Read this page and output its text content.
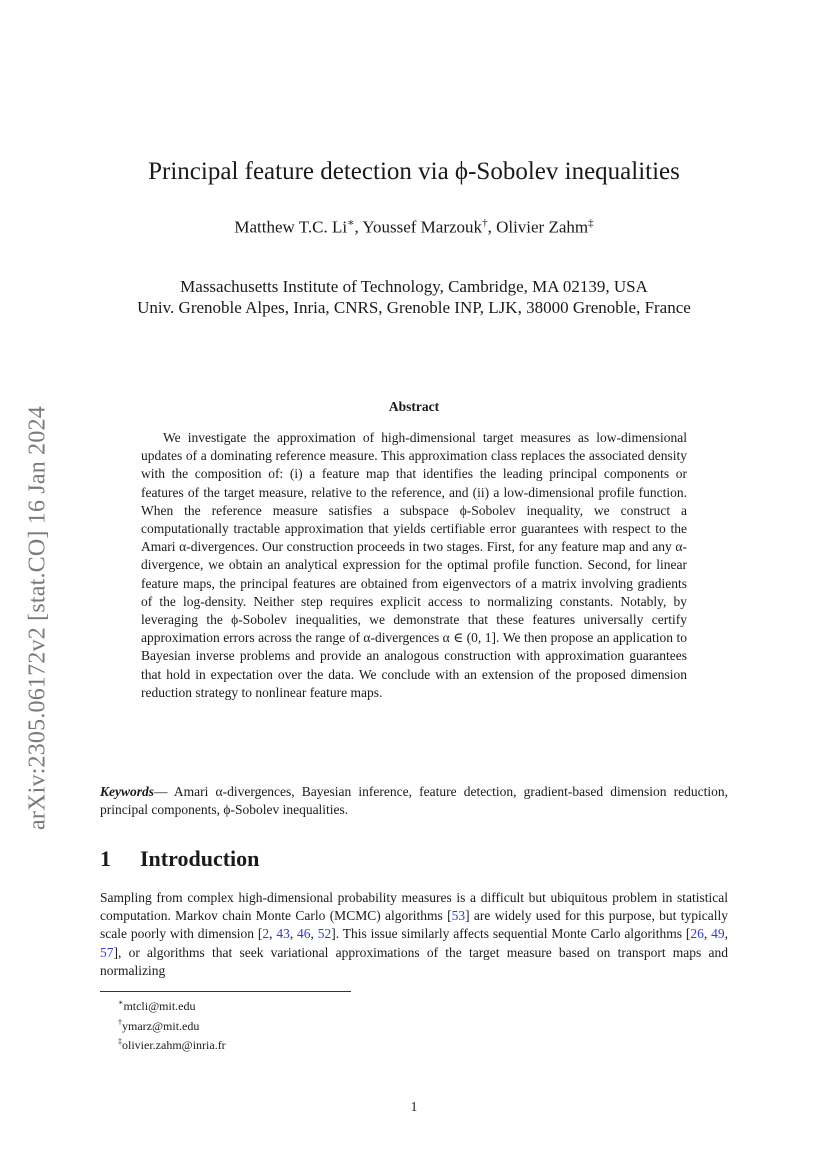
arXiv:2305.06172v2 [stat.CO] 16 Jan 2024
Principal feature detection via ϕ-Sobolev inequalities
Matthew T.C. Li∗, Youssef Marzouk†, Olivier Zahm‡
Massachusetts Institute of Technology, Cambridge, MA 02139, USA
Univ. Grenoble Alpes, Inria, CNRS, Grenoble INP, LJK, 38000 Grenoble, France
Abstract

We investigate the approximation of high-dimensional target measures as low-dimensional updates of a dominating reference measure. This approximation class replaces the associated density with the composition of: (i) a feature map that identifies the leading principal components or features of the target measure, relative to the reference, and (ii) a low-dimensional profile function. When the reference measure satisfies a subspace ϕ-Sobolev inequality, we construct a computationally tractable approximation that yields certifiable error guarantees with respect to the Amari α-divergences. Our construction proceeds in two stages. First, for any feature map and any α-divergence, we obtain an analytical expression for the optimal profile function. Second, for linear feature maps, the principal features are obtained from eigenvectors of a matrix involving gradients of the log-density. Neither step requires explicit access to normalizing constants. Notably, by leveraging the ϕ-Sobolev inequalities, we demonstrate that these features universally certify approximation errors across the range of α-divergences α ∈ (0, 1]. We then propose an application to Bayesian inverse problems and provide an analogous construction with approximation guarantees that hold in expectation over the data. We conclude with an extension of the proposed dimension reduction strategy to nonlinear feature maps.

Keywords— Amari α-divergences, Bayesian inference, feature detection, gradient-based dimension reduction, principal components, ϕ-Sobolev inequalities.

1 Introduction

Sampling from complex high-dimensional probability measures is a difficult but ubiquitous problem in statistical computation. Markov chain Monte Carlo (MCMC) algorithms [53] are widely used for this purpose, but typically scale poorly with dimension [2, 43, 46, 52]. This issue similarly affects sequential Monte Carlo algorithms [26, 49, 57], or algorithms that seek variational approximations of the target measure based on transport maps and normalizing

∗mtcli@mit.edu
†ymarz@mit.edu
‡olivier.zahm@inria.fr
1
